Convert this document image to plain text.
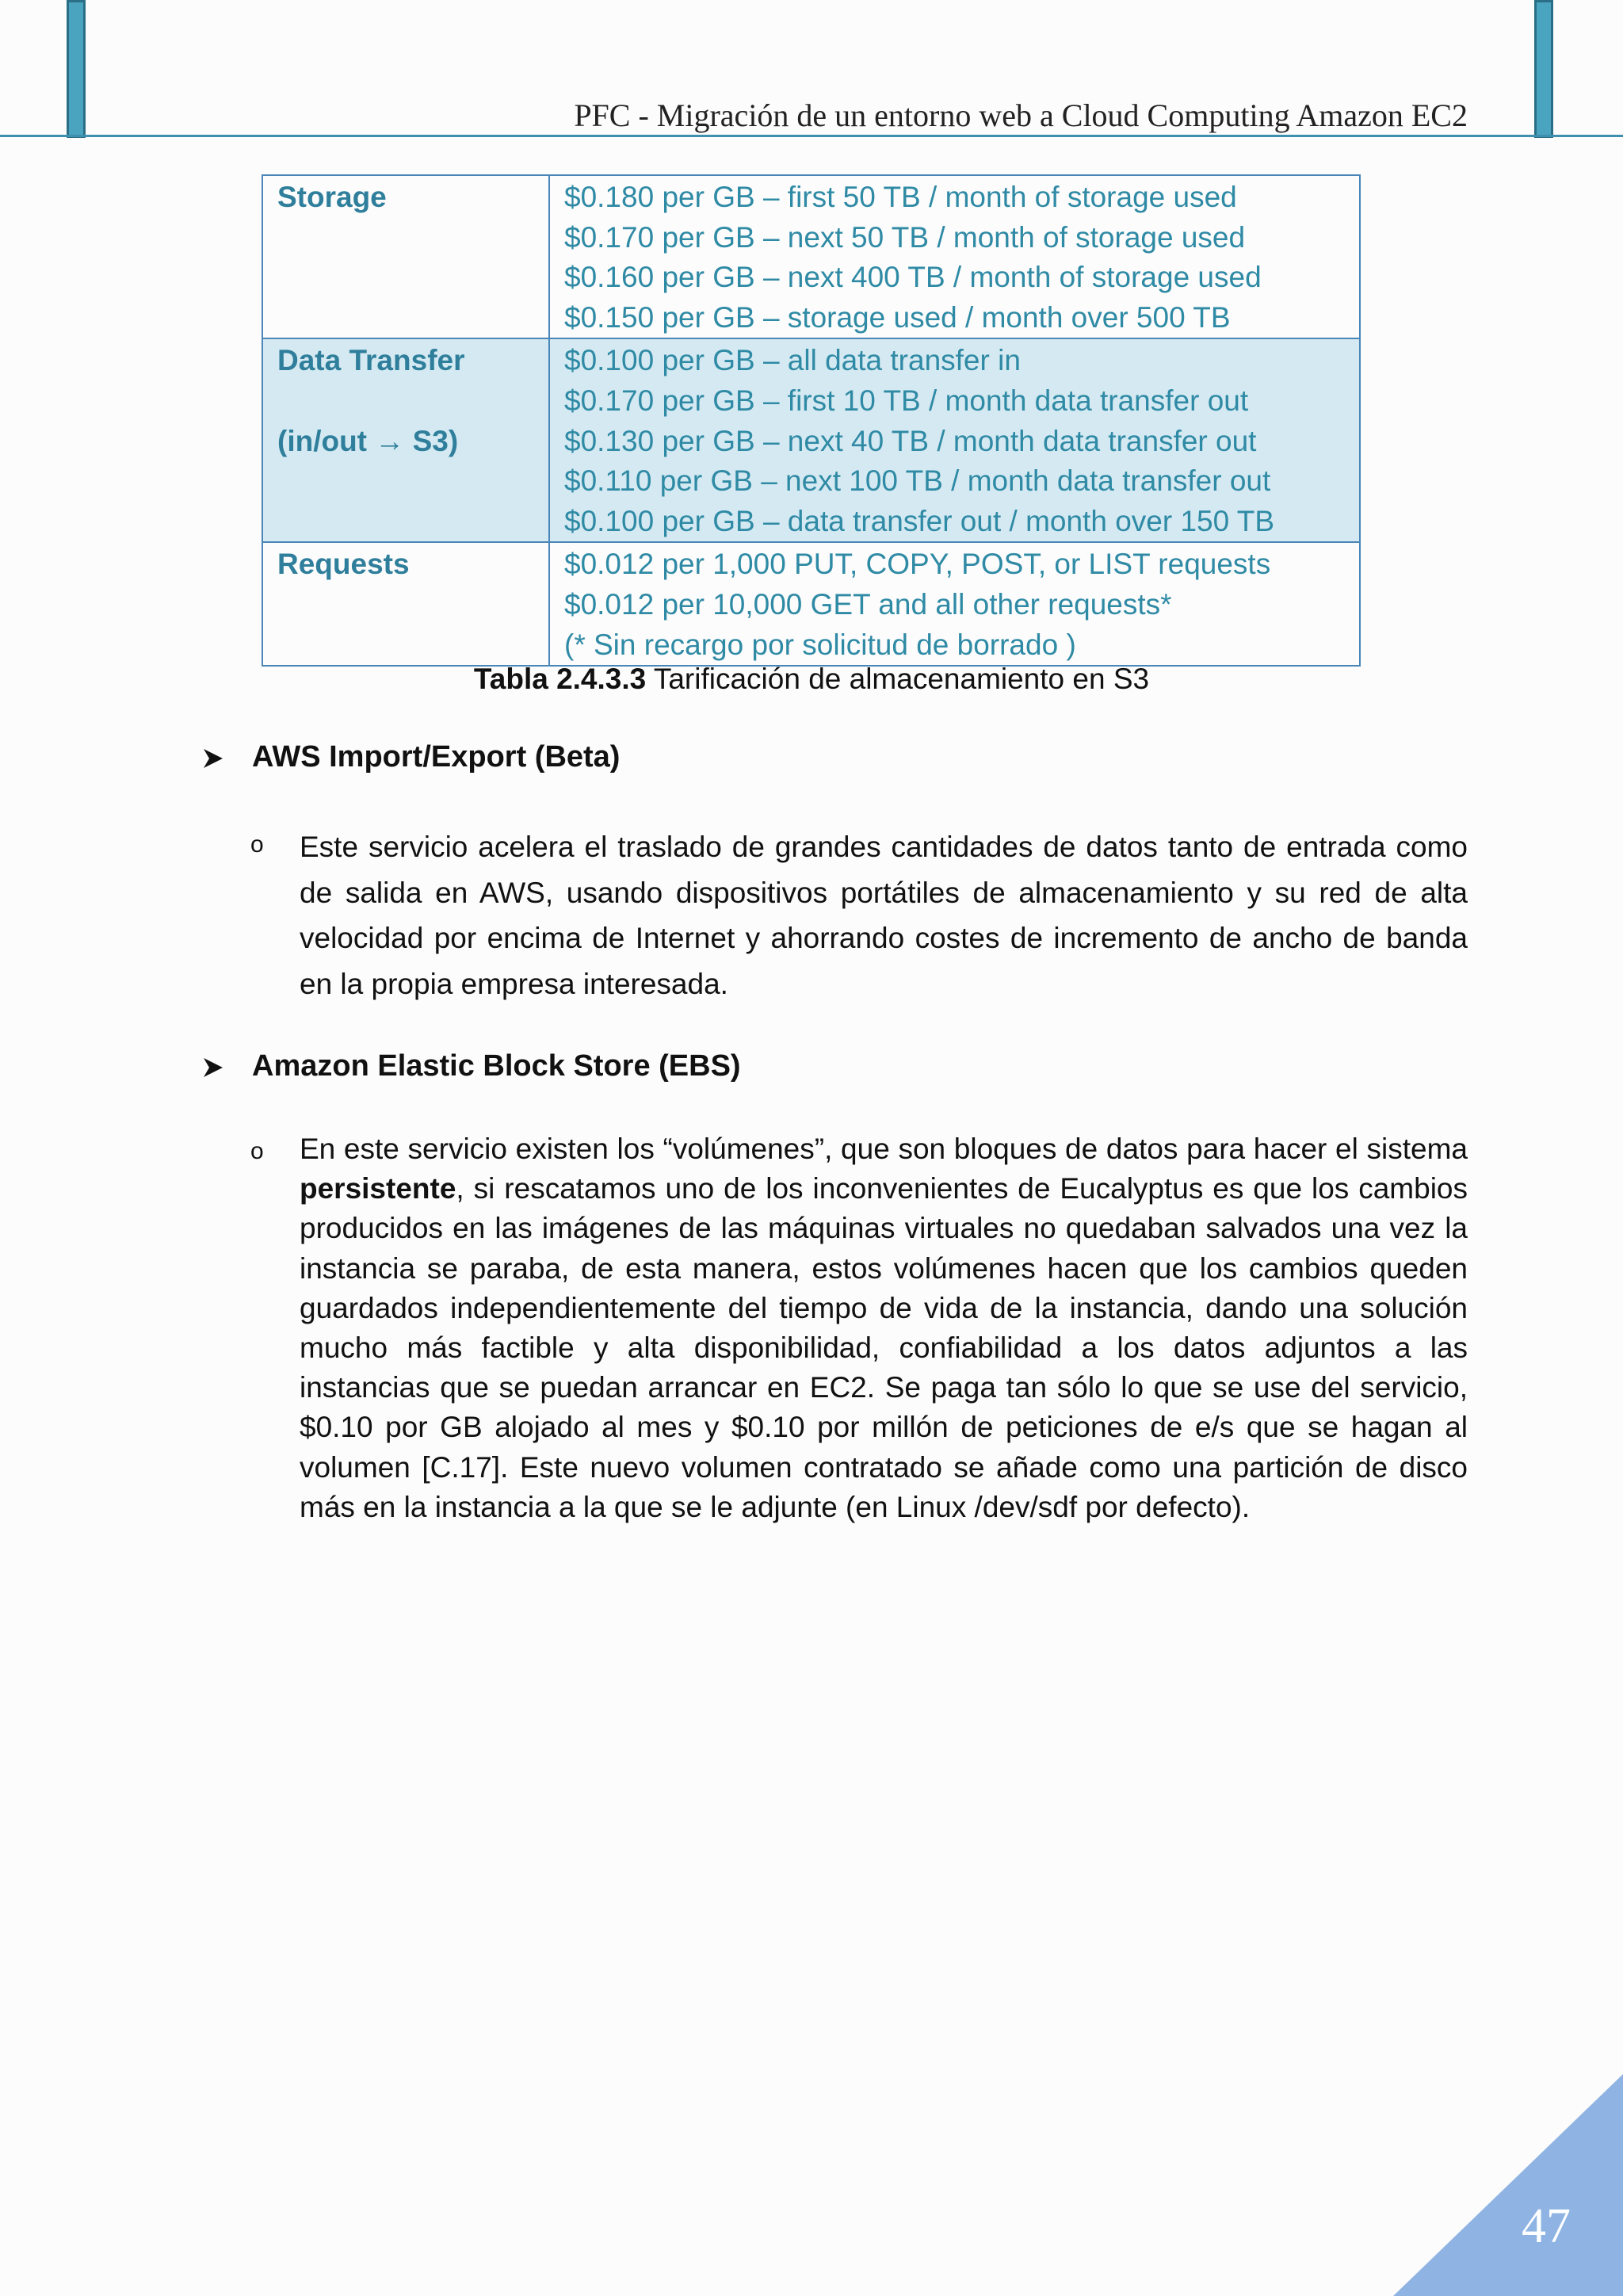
PFC - Migración de un entorno web a Cloud Computing Amazon EC2
Storage	$0.180 per GB – first 50 TB / month of storage used
$0.170 per GB – next 50 TB / month of storage used
$0.160 per GB – next 400 TB / month of storage used
$0.150 per GB – storage used / month over 500 TB

Data Transfer
(in/out → S3)	$0.100 per GB – all data transfer in
$0.170 per GB – first 10 TB / month data transfer out
$0.130 per GB – next 40 TB / month data transfer out
$0.110 per GB – next 100 TB / month data transfer out
$0.100 per GB – data transfer out / month over 150 TB

Requests	$0.012 per 1,000 PUT, COPY, POST, or LIST requests
$0.012 per 10,000 GET and all other requests*
(* Sin recargo por solicitud de borrado )
Tabla 2.4.3.3 Tarificación de almacenamiento en S3
AWS Import/Export (Beta)
o Este servicio acelera el traslado de grandes cantidades de datos tanto de entrada como de salida en AWS, usando dispositivos portátiles de almacenamiento y su red de alta velocidad por encima de Internet y ahorrando costes de incremento de ancho de banda en la propia empresa interesada.
Amazon Elastic Block Store (EBS)
o En este servicio existen los “volúmenes”, que son bloques de datos para hacer el sistema persistente, si rescatamos uno de los inconvenientes de Eucalyptus es que los cambios producidos en las imágenes de las máquinas virtuales no quedaban salvados una vez la instancia se paraba, de esta manera, estos volúmenes hacen que los cambios queden guardados independientemente del tiempo de vida de la instancia, dando una solución mucho más factible y alta disponibilidad, confiabilidad a los datos adjuntos a las instancias que se puedan arrancar en EC2. Se paga tan sólo lo que se use del servicio, $0.10 por GB alojado al mes y $0.10 por millón de peticiones de e/s que se hagan al volumen [C.17]. Este nuevo volumen contratado se añade como una partición de disco más en la instancia a la que se le adjunte (en Linux /dev/sdf por defecto).
47
